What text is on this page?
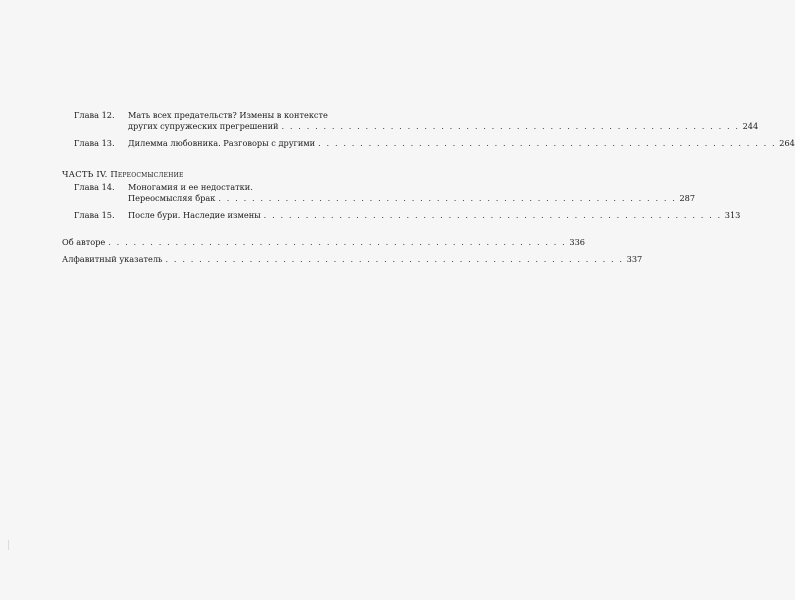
Глава 12. Мать всех предательств? Измены в контексте
других супружеских прегрешений . . . . . . . . . . . . . . . . . . . . . . . . . . . . . . . . . . . . . . . . . . . . . . . . . . . . . . . 244
Глава 13. Дилемма любовника. Разговоры с другими . . . . . . . . . . . . . . . . . . . . . . . . . . . . . . . . . . . . . . . . . . . . . . . . . . . . . . . 264
ЧАСТЬ IV. Переосмысление
Глава 14. Моногамия и ее недостатки.
Переосмысляя брак . . . . . . . . . . . . . . . . . . . . . . . . . . . . . . . . . . . . . . . . . . . . . . . . . . . . . . . 287
Глава 15. После бури. Наследие измены . . . . . . . . . . . . . . . . . . . . . . . . . . . . . . . . . . . . . . . . . . . . . . . . . . . . . . . 313
Об авторе . . . . . . . . . . . . . . . . . . . . . . . . . . . . . . . . . . . . . . . . . . . . . . . . . . . . . . . 336
Алфавитный указатель . . . . . . . . . . . . . . . . . . . . . . . . . . . . . . . . . . . . . . . . . . . . . . . . . . . . . . . 337
